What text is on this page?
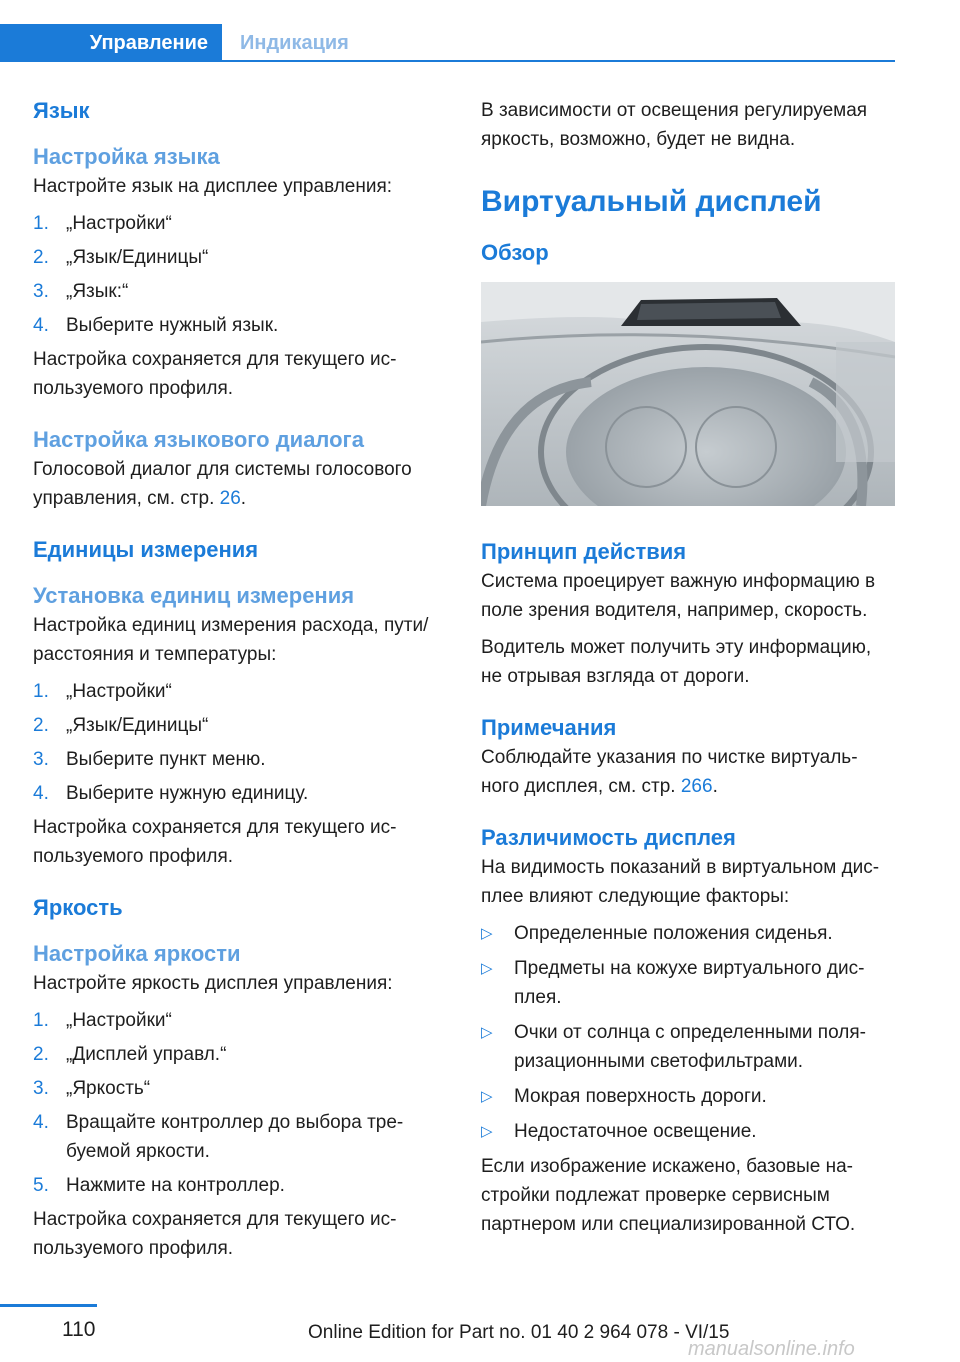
Управление	Индикация
Язык
Настройка языка

Настройте язык на дисплее управления:

1. „Настройки“
2. „Язык/Единицы“
3. „Язык:“
4. Выберите нужный язык.

Настройка сохраняется для текущего ис-
пользуемого профиля.

Настройка языкового диалога

Голосовой диалог для системы голосового
управления, см. стр. 26.

Единицы измерения
Установка единиц измерения

Настройка единиц измерения расхода, пути/
расстояния и температуры:

1. „Настройки“
2. „Язык/Единицы“
3. Выберите пункт меню.
4. Выберите нужную единицу.

Настройка сохраняется для текущего ис-
пользуемого профиля.

Яркость
Настройка яркости

Настройте яркость дисплея управления:

1. „Настройки“
2. „Дисплей управл.“
3. „Яркость“
4. Вращайте контроллер до выбора тре-
буемой яркости.
5. Нажмите на контроллер.

Настройка сохраняется для текущего ис-
пользуемого профиля.

В зависимости от освещения регулируемая
яркость, возможно, будет не видна.

Виртуальный дисплей
Обзор
Принцип действия

Система проецирует важную информацию в
поле зрения водителя, например, скорость.

Водитель может получить эту информацию,
не отрывая взгляда от дороги.

Примечания

Соблюдайте указания по чистке виртуаль-
ного дисплея, см. стр. 266.

Различимость дисплея

На видимость показаний в виртуальном дис-
плее влияют следующие факторы:

▷	Определенные положения сиденья.
▷	Предметы на кожухе виртуального дис-
плея.
▷	Очки от солнца с определенными поля-
ризационными светофильтрами.
▷	Мокрая поверхность дороги.
▷	Недостаточное освещение.

Если изображение искажено, базовые на-
стройки подлежат проверке сервисным
партнером или специализированной СТО.

110	Online Edition for Part no. 01 40 2 964 078 - VI/15
manualsonline.info
